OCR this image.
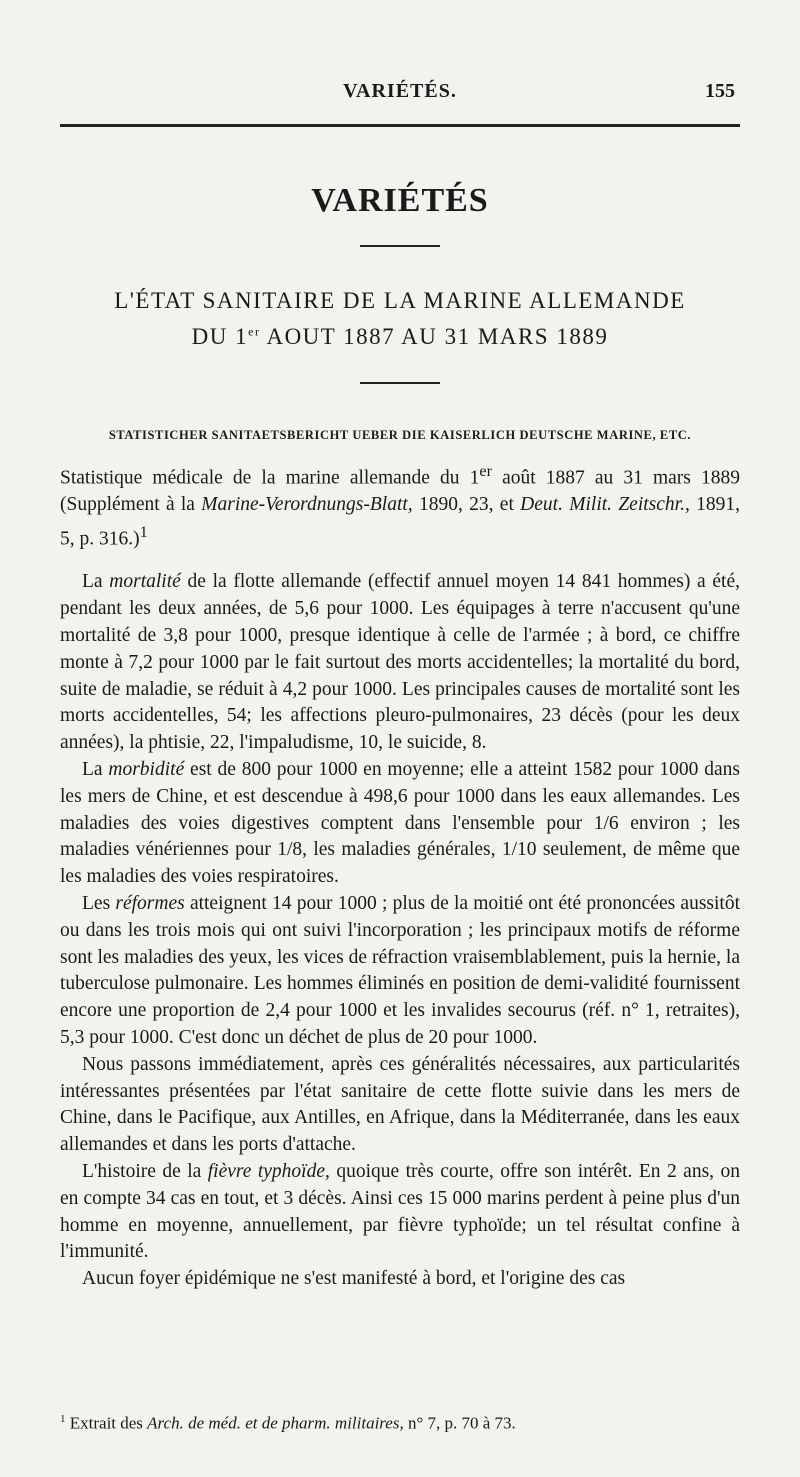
VARIÉTÉS.	155
VARIÉTÉS
L'ÉTAT SANITAIRE DE LA MARINE ALLEMANDE
DU 1er AOUT 1887 AU 31 MARS 1889
STATISTICHER SANITAETSBERICHT UEBER DIE KAISERLICH DEUTSCHE MARINE, ETC.

Statistique médicale de la marine allemande du 1er août 1887 au 31 mars 1889 (Supplément à la Marine-Verordnungs-Blatt, 1890, 23, et Deut. Milit. Zeitschr., 1891, 5, p. 316.)$^1$

La mortalité de la flotte allemande (effectif annuel moyen 14 841 hommes) a été, pendant les deux années, de 5,6 pour 1000. Les équipages à terre n'accusent qu'une mortalité de 3,8 pour 1000, presque identique à celle de l'armée ; à bord, ce chiffre monte à 7,2 pour 1000 par le fait surtout des morts accidentelles; la mortalité du bord, suite de maladie, se réduit à 4,2 pour 1000. Les principales causes de mortalité sont les morts accidentelles, 54; les affections pleuro-pulmonaires, 23 décès (pour les deux années), la phtisie, 22, l'impaludisme, 10, le suicide, 8.

La morbidité est de 800 pour 1000 en moyenne; elle a atteint 1582 pour 1000 dans les mers de Chine, et est descendue à 498,6 pour 1000 dans les eaux allemandes. Les maladies des voies digestives comptent dans l'ensemble pour 1/6 environ ; les maladies vénériennes pour 1/8, les maladies générales, 1/10 seulement, de même que les maladies des voies respiratoires.

Les réformes atteignent 14 pour 1000 ; plus de la moitié ont été prononcées aussitôt ou dans les trois mois qui ont suivi l'incorporation ; les principaux motifs de réforme sont les maladies des yeux, les vices de réfraction vraisemblablement, puis la hernie, la tuberculose pulmonaire. Les hommes éliminés en position de demi-validité fournissent encore une proportion de 2,4 pour 1000 et les invalides secourus (réf. n° 1, retraites), 5,3 pour 1000. C'est donc un déchet de plus de 20 pour 1000.

Nous passons immédiatement, après ces généralités nécessaires, aux particularités intéressantes présentées par l'état sanitaire de cette flotte suivie dans les mers de Chine, dans le Pacifique, aux Antilles, en Afrique, dans la Méditerranée, dans les eaux allemandes et dans les ports d'attache.

L'histoire de la fièvre typhoïde, quoique très courte, offre son intérêt. En 2 ans, on en compte 34 cas en tout, et 3 décès. Ainsi ces 15 000 marins perdent à peine plus d'un homme en moyenne, annuellement, par fièvre typhoïde; un tel résultat confine à l'immunité.

Aucun foyer épidémique ne s'est manifesté à bord, et l'origine des cas

$^1$ Extrait des Arch. de méd. et de pharm. militaires, n° 7, p. 70 à 73.
